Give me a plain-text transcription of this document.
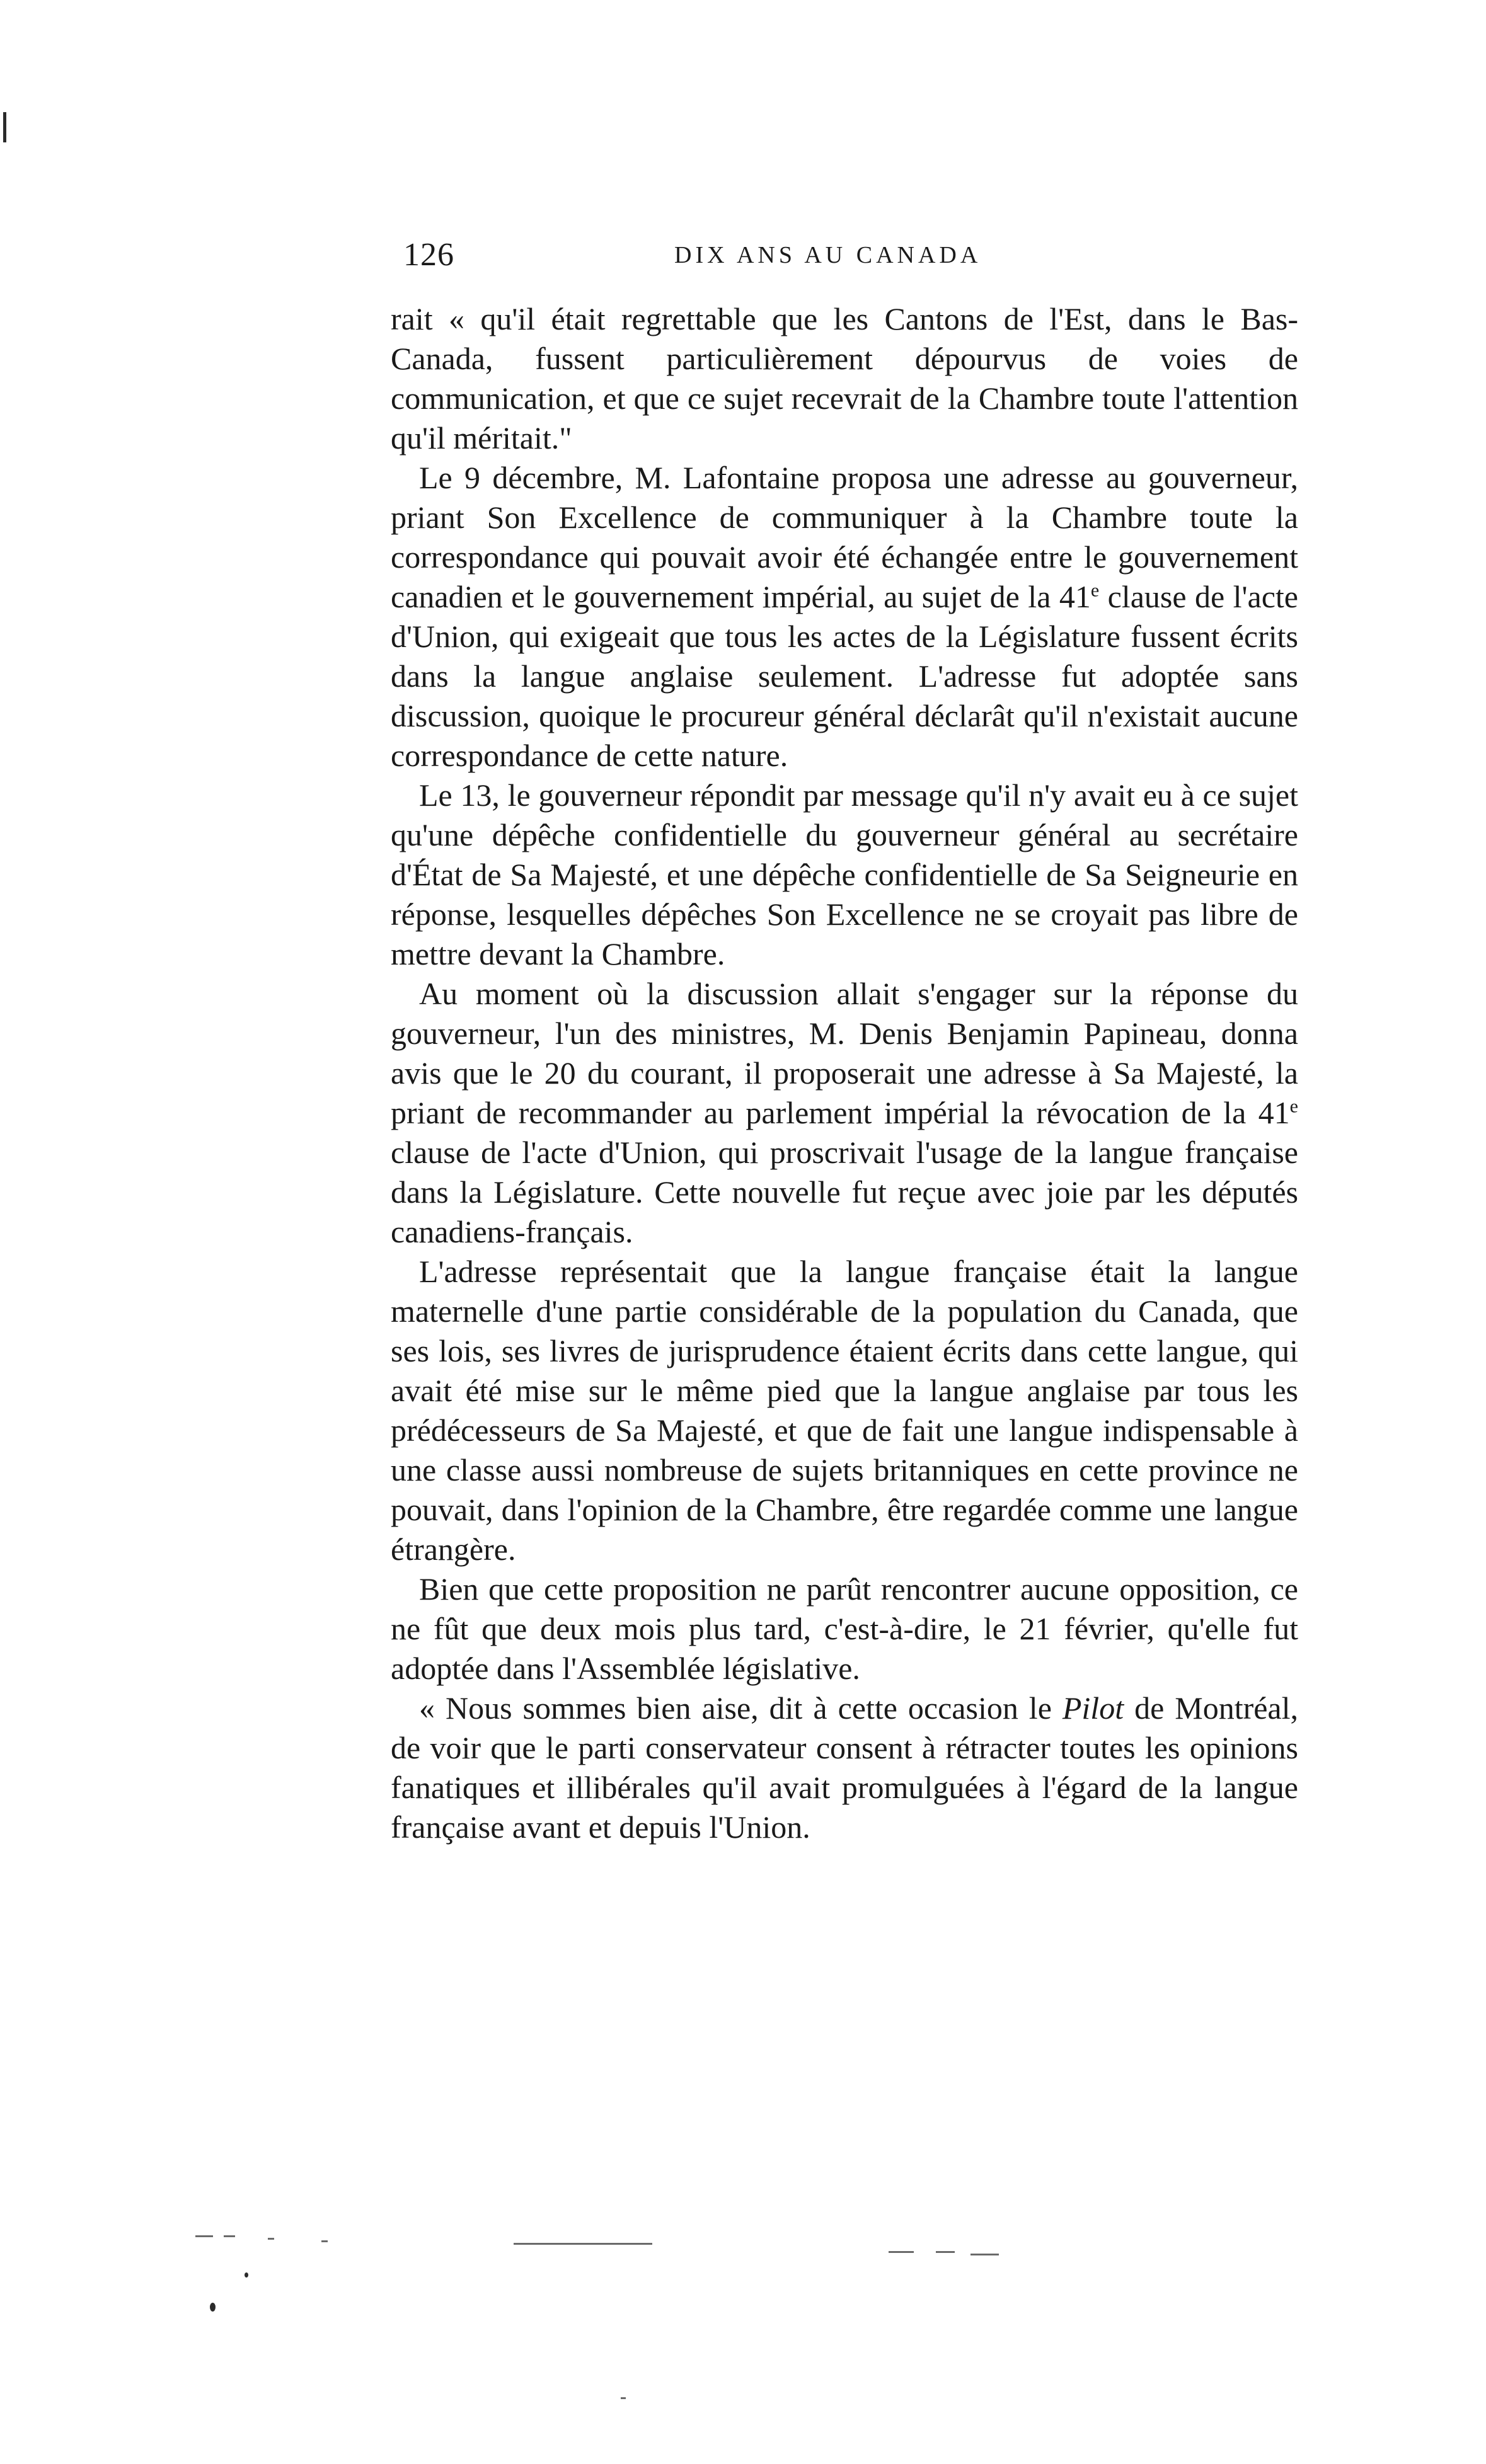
126	DIX ANS AU CANADA

rait « qu'il était regrettable que les Cantons de l'Est, dans le Bas-Canada, fussent particulièrement dépourvus de voies de communication, et que ce sujet recevrait de la Chambre toute l'attention qu'il méritait."

Le 9 décembre, M. Lafontaine proposa une adresse au gouverneur, priant Son Excellence de communiquer à la Chambre toute la correspondance qui pouvait avoir été échangée entre le gouvernement canadien et le gouvernement impérial, au sujet de la 41e clause de l'acte d'Union, qui exigeait que tous les actes de la Législature fussent écrits dans la langue anglaise seulement. L'adresse fut adoptée sans discussion, quoique le procureur général déclarât qu'il n'existait aucune correspondance de cette nature.

Le 13, le gouverneur répondit par message qu'il n'y avait eu à ce sujet qu'une dépêche confidentielle du gouverneur général au secrétaire d'État de Sa Majesté, et une dépêche confidentielle de Sa Seigneurie en réponse, lesquelles dépêches Son Excellence ne se croyait pas libre de mettre devant la Chambre.

Au moment où la discussion allait s'engager sur la réponse du gouverneur, l'un des ministres, M. Denis Benjamin Papineau, donna avis que le 20 du courant, il proposerait une adresse à Sa Majesté, la priant de recommander au parlement impérial la révocation de la 41e clause de l'acte d'Union, qui proscrivait l'usage de la langue française dans la Législature. Cette nouvelle fut reçue avec joie par les députés canadiens-français.

L'adresse représentait que la langue française était la langue maternelle d'une partie considérable de la population du Canada, que ses lois, ses livres de jurisprudence étaient écrits dans cette langue, qui avait été mise sur le même pied que la langue anglaise par tous les prédécesseurs de Sa Majesté, et que de fait une langue indispensable à une classe aussi nombreuse de sujets britanniques en cette province ne pouvait, dans l'opinion de la Chambre, être regardée comme une langue étrangère.

Bien que cette proposition ne parût rencontrer aucune opposition, ce ne fût que deux mois plus tard, c'est-à-dire, le 21 février, qu'elle fut adoptée dans l'Assemblée législative.

« Nous sommes bien aise, dit à cette occasion le Pilot de Montréal, de voir que le parti conservateur consent à rétracter toutes les opinions fanatiques et illibérales qu'il avait promulguées à l'égard de la langue française avant et depuis l'Union.
